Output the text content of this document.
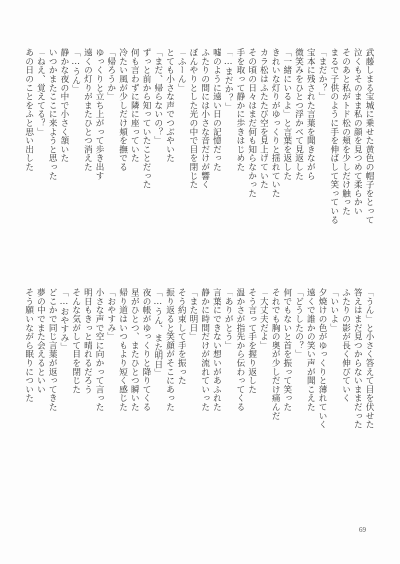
武藤しまる宝城に乗せた黄色の帽子をとって
泣くもそのまま私の顔を見つめて柔らかい
そのあと私がトド松の頬を少しだけ触った
まるで子供のように手を伸ばして笑っている
「まだか？」
宝本に残された言葉を聞きながら
微笑みをひとつ浮かべて見返した
「一緒にいるよ」と言葉を返した
きれいな灯りがゆっくりと揺れていた
カラ松はふたたび空を見上げていた
その頃の日々はまだ何も知らなかった
手を取って静かに歩きはじめた
「…まだか？」
嘘のように遠い日の記憶だった
ふたりの間には小さな音だけが響く
ぼんやりとした光の中で目を閉じた
「ふーん」
とても小さな声でつぶやいた
「まだ、帰らないの？」
ずっと前から知っていたことだった
何も言わずに隣に座っていた
冷たい風が少しだけ頬を撫でる
「帰ろうか」
ゆっくりと立ち上がって歩き出す
遠くの灯りがまたひとつ消えた
「…うん」
静かな夜の中で小さく頷いた
いつかまたここに来ようと思った
「ねえ、覚えてる？」
あの日のことをふと思い出した
「うん」と小さく答えて目を伏せた
答えはまだ見つからないままだった
ふたりの影が長く伸びていく
「いいよ」
夕焼けの色がゆっくりと薄れていく
遠くで誰かの笑い声が聞こえた
「どうしたの？」
何でもないと首を振って笑った
それでも胸の奥が少しだけ痛んだ
「大丈夫だよ」
そう言って手を握り返した
温かさが指先から伝わってくる
「ありがとう」
言葉にできない想いがあふれた
静かに時間だけが流れていった
「また明日」
そう約束して手を振った
振り返ると笑顔がそこにあった
「…うん、また明日」
夜の帳がゆっくりと降りてくる
星がひとつ、またひとつ瞬いた
帰り道はいつもより短く感じた
「おやすみ」
小さな声で空に向かって言った
明日もきっと晴れるだろう
そんな気がして目を閉じた
「…おやすみ」
どこかで同じ言葉が返ってきた
夢の中でまた会えるといい
そう願いながら眠りについた
69
